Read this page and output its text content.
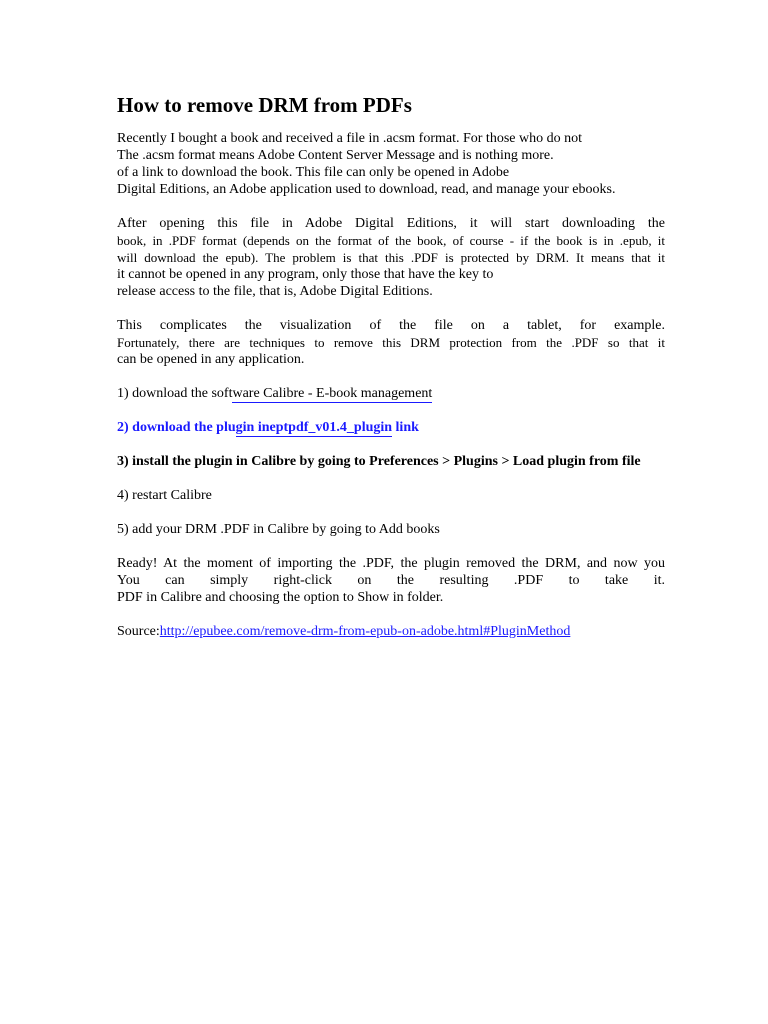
How to remove DRM from PDFs
Recently I bought a book and received a file in .acsm format. For those who do not
The .acsm format means Adobe Content Server Message and is nothing more.
of a link to download the book. This file can only be opened in Adobe
Digital Editions, an Adobe application used to download, read, and manage your ebooks.
After opening this file in Adobe Digital Editions, it will start downloading the
book, in .PDF format (depends on the format of the book, of course - if the book is in .epub, it
will download the epub). The problem is that this .PDF is protected by DRM. It means that it
it cannot be opened in any program, only those that have the key to
release access to the file, that is, Adobe Digital Editions.
This complicates the visualization of the file on a tablet, for example.
Fortunately, there are techniques to remove this DRM protection from the .PDF so that it
can be opened in any application.
1) download the software Calibre - E-book management
2) download the plugin ineptpdf_v01.4_plugin link
3) install the plugin in Calibre by going to Preferences > Plugins > Load plugin from file
4) restart Calibre
5) add your DRM .PDF in Calibre by going to Add books
Ready! At the moment of importing the .PDF, the plugin removed the DRM, and now you
You can simply right-click on the resulting .PDF to take it.
PDF in Calibre and choosing the option to Show in folder.
Source:http://epubee.com/remove-drm-from-epub-on-adobe.html#PluginMethod
